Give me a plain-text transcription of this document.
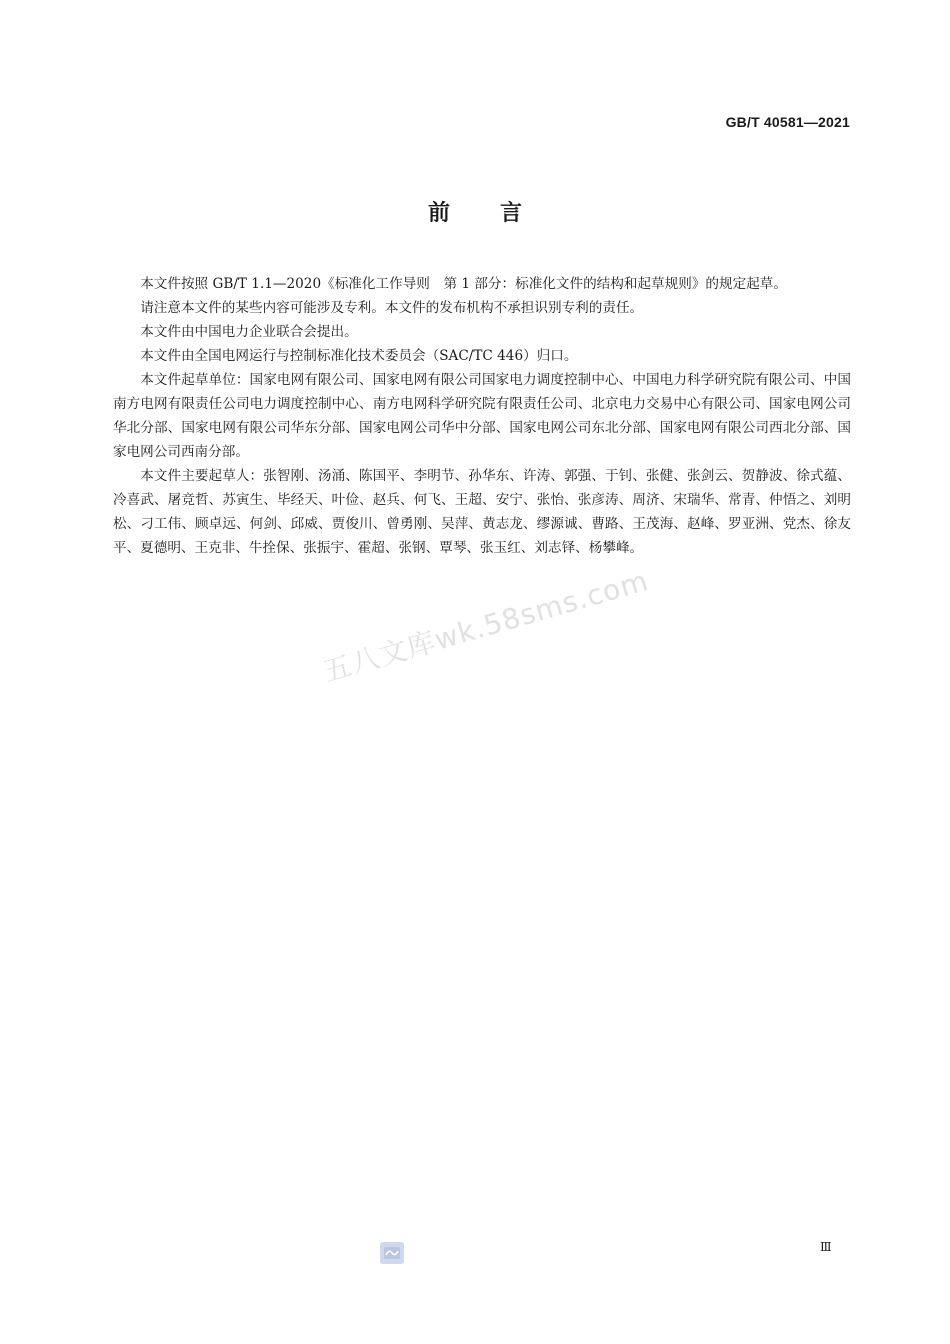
GB/T 40581—2021
前言

本文件按照 GB/T 1.1—2020《标准化工作导则　第 1 部分：标准化文件的结构和起草规则》的规定起草。

请注意本文件的某些内容可能涉及专利。本文件的发布机构不承担识别专利的责任。

本文件由中国电力企业联合会提出。

本文件由全国电网运行与控制标准化技术委员会（SAC/TC 446）归口。

本文件起草单位：国家电网有限公司、国家电网有限公司国家电力调度控制中心、中国电力科学研究院有限公司、中国南方电网有限责任公司电力调度控制中心、南方电网科学研究院有限责任公司、北京电力交易中心有限公司、国家电网公司华北分部、国家电网有限公司华东分部、国家电网公司华中分部、国家电网公司东北分部、国家电网有限公司西北分部、国家电网公司西南分部。

本文件主要起草人：张智刚、汤涌、陈国平、李明节、孙华东、许涛、郭强、于钊、张健、张剑云、贺静波、徐式蕴、冷喜武、屠竞哲、苏寅生、毕经天、叶俭、赵兵、何飞、王超、安宁、张怡、张彦涛、周济、宋瑞华、常青、仲悟之、刘明松、刁工伟、顾卓远、何剑、邱威、贾俊川、曾勇刚、吴萍、黄志龙、缪源诚、曹路、王茂海、赵峰、罗亚洲、党杰、徐友平、夏德明、王克非、牛拴保、张振宇、霍超、张钢、覃琴、张玉红、刘志铎、杨攀峰。

五八文库wk.58sms.com
Ⅲ
